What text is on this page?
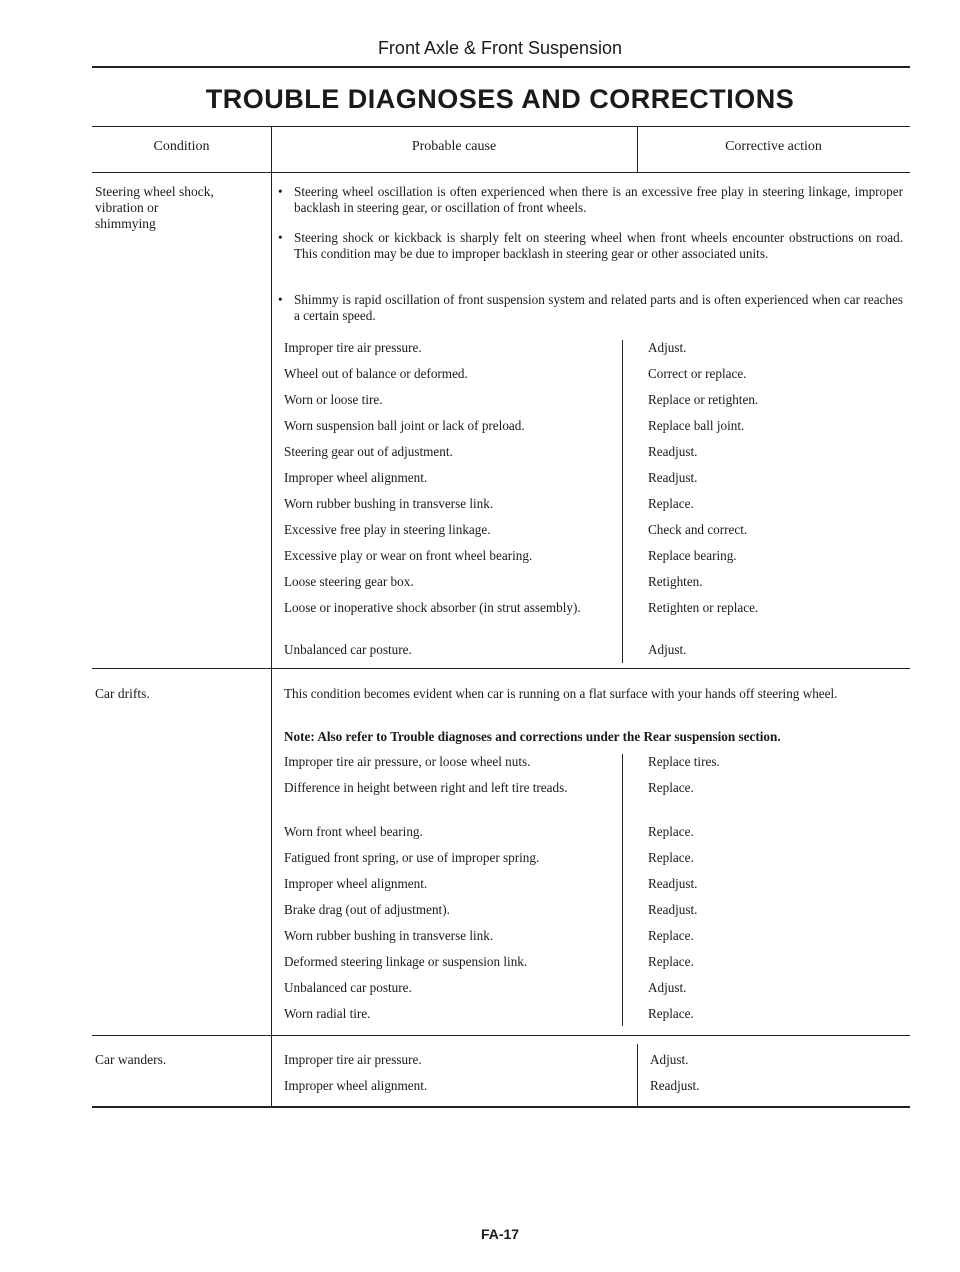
Front Axle & Front Suspension
TROUBLE DIAGNOSES AND CORRECTIONS
Condition	Probable cause	Corrective action
Steering wheel shock,
vibration or
shimmying
• Steering wheel oscillation is often experienced when there is an excessive free play in steering linkage, improper backlash in steering gear, or oscillation of front wheels.
• Steering shock or kickback is sharply felt on steering wheel when front wheels encounter obstructions on road. This condition may be due to improper backlash in steering gear or other associated units.
• Shimmy is rapid oscillation of front suspension system and related parts and is often experienced when car reaches a certain speed.
Improper tire air pressure.	Adjust.
Wheel out of balance or deformed.	Correct or replace.
Worn or loose tire.	Replace or retighten.
Worn suspension ball joint or lack of preload.	Replace ball joint.
Steering gear out of adjustment.	Readjust.
Improper wheel alignment.	Readjust.
Worn rubber bushing in transverse link.	Replace.
Excessive free play in steering linkage.	Check and correct.
Excessive play or wear on front wheel bearing.	Replace bearing.
Loose steering gear box.	Retighten.
Loose or inoperative shock absorber (in strut assembly).	Retighten or replace.
Unbalanced car posture.	Adjust.
Car drifts.	This condition becomes evident when car is running on a flat surface with your hands off steering wheel.
Note: Also refer to Trouble diagnoses and corrections under the Rear suspension section.
Improper tire air pressure, or loose wheel nuts.	Replace tires.
Difference in height between right and left tire treads.	Replace.
Worn front wheel bearing.	Replace.
Fatigued front spring, or use of improper spring.	Replace.
Improper wheel alignment.	Readjust.
Brake drag (out of adjustment).	Readjust.
Worn rubber bushing in transverse link.	Replace.
Deformed steering linkage or suspension link.	Replace.
Unbalanced car posture.	Adjust.
Worn radial tire.	Replace.
Car wanders.	Improper tire air pressure.	Adjust.
Improper wheel alignment.	Readjust.
FA-17
